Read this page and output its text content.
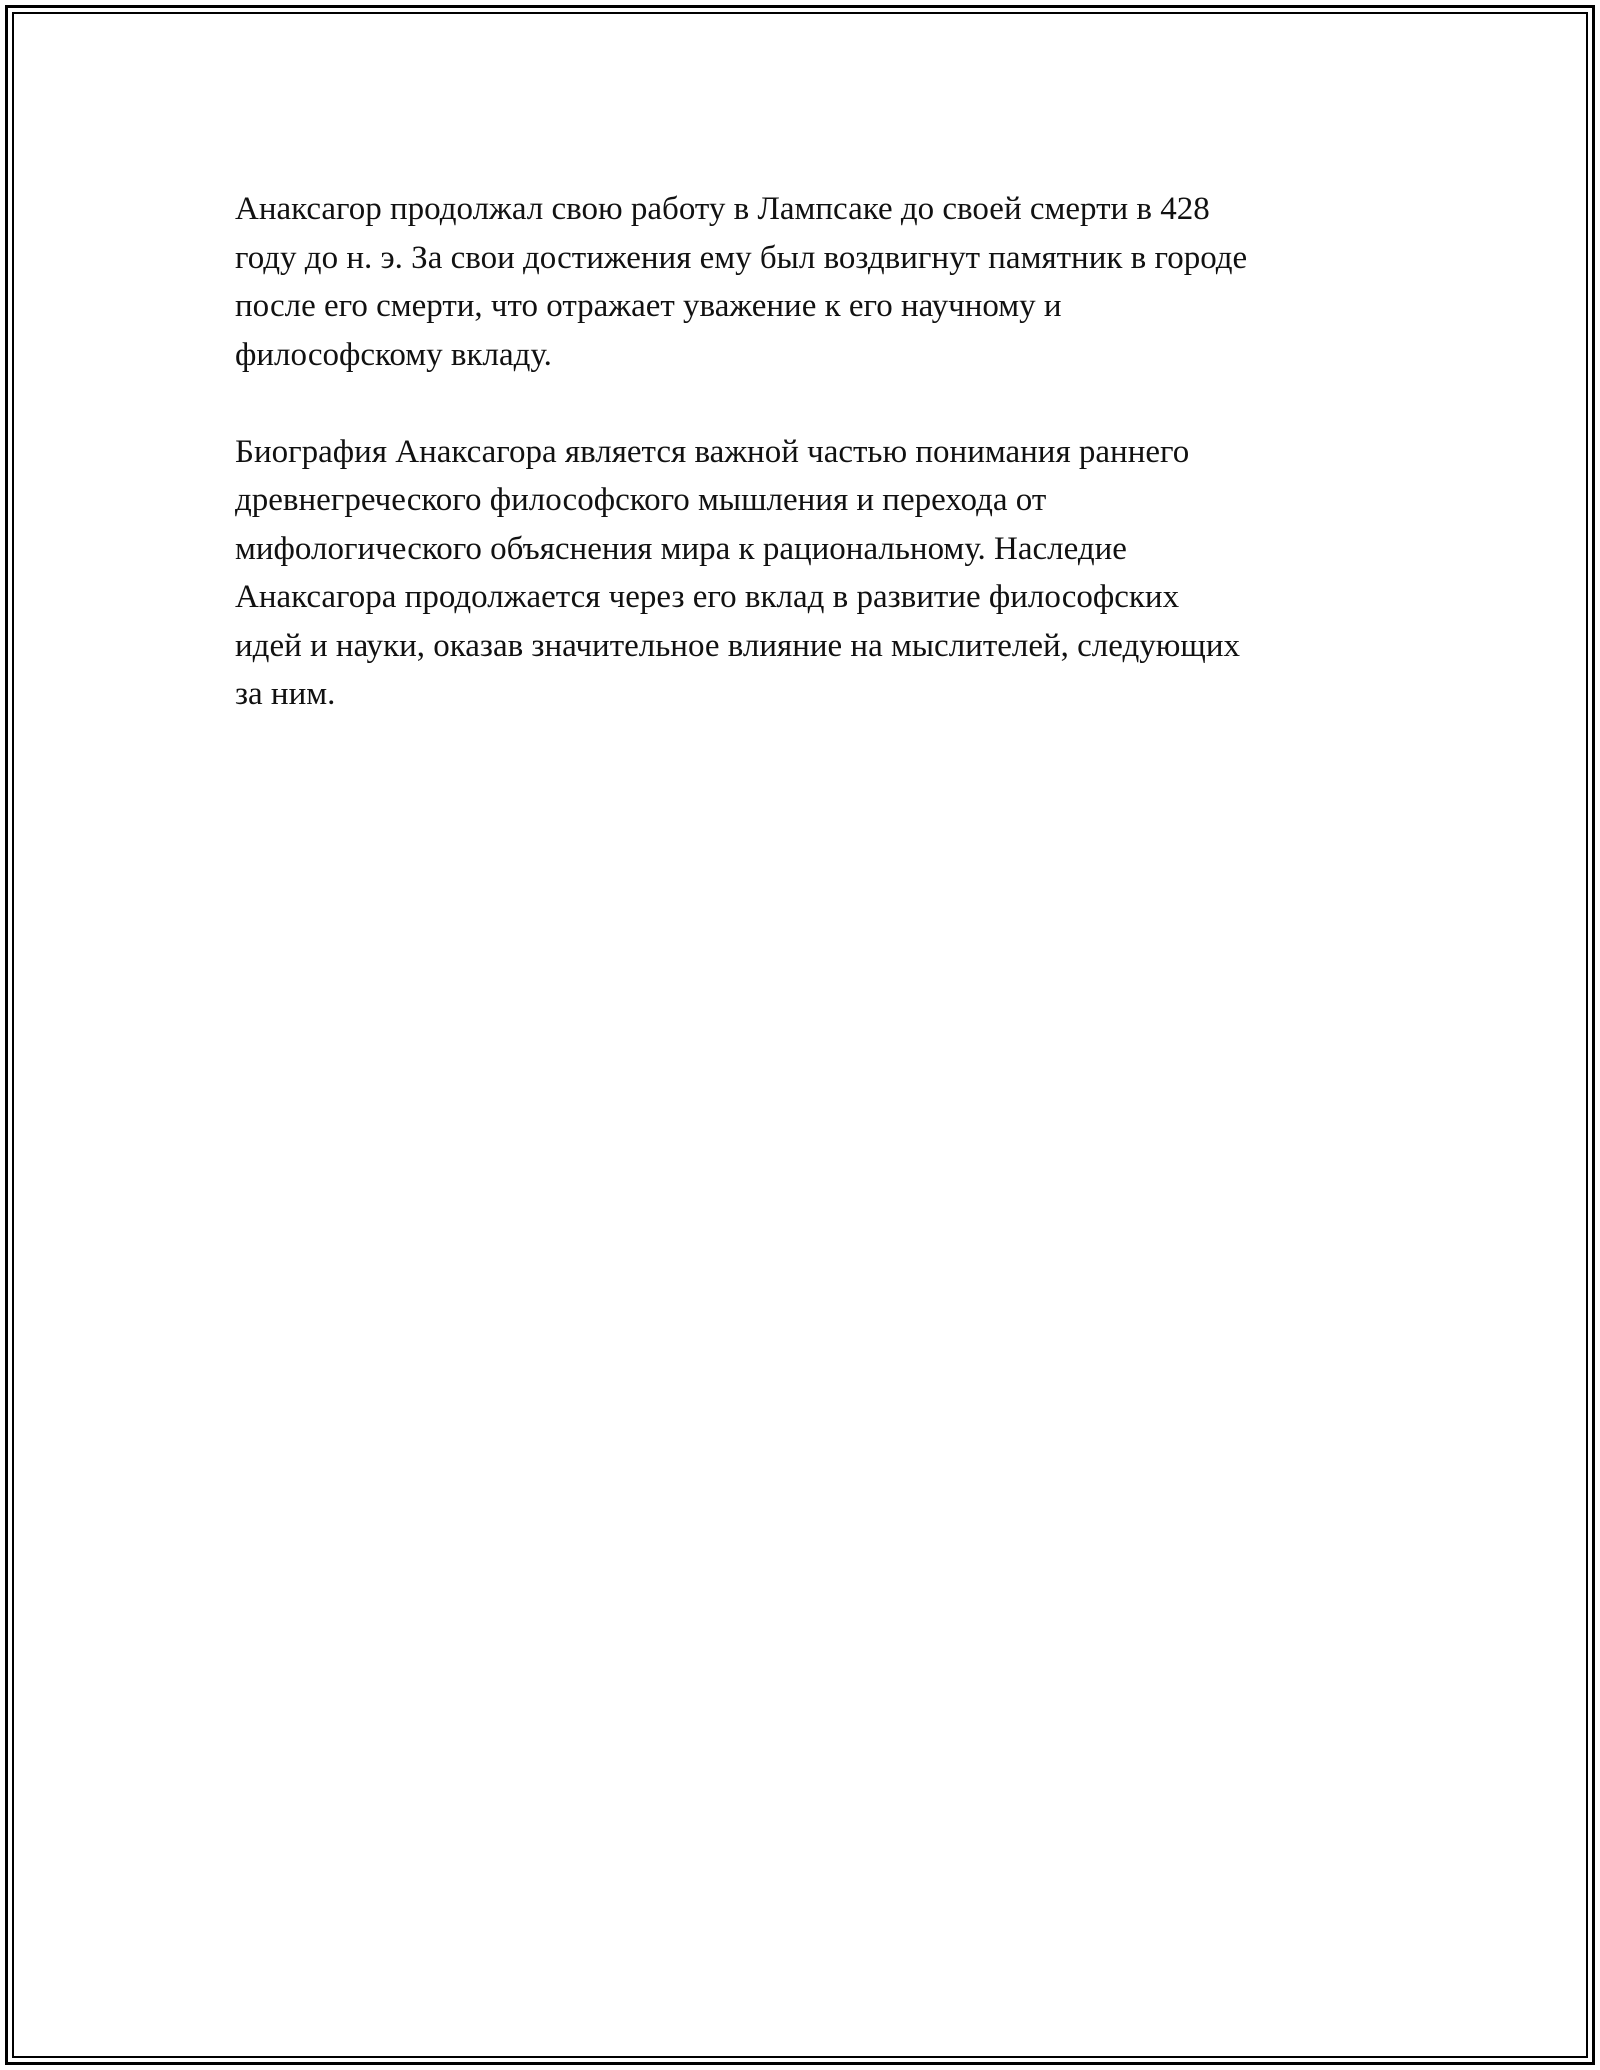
Анаксагор продолжал свою работу в Лампсаке до своей смерти в 428
году до н. э. За свои достижения ему был воздвигнут памятник в городе
после его смерти, что отражает уважение к его научному и
философскому вкладу.

Биография Анаксагора является важной частью понимания раннего
древнегреческого философского мышления и перехода от
мифологического объяснения мира к рациональному. Наследие
Анаксагора продолжается через его вклад в развитие философских
идей и науки, оказав значительное влияние на мыслителей, следующих
за ним.
